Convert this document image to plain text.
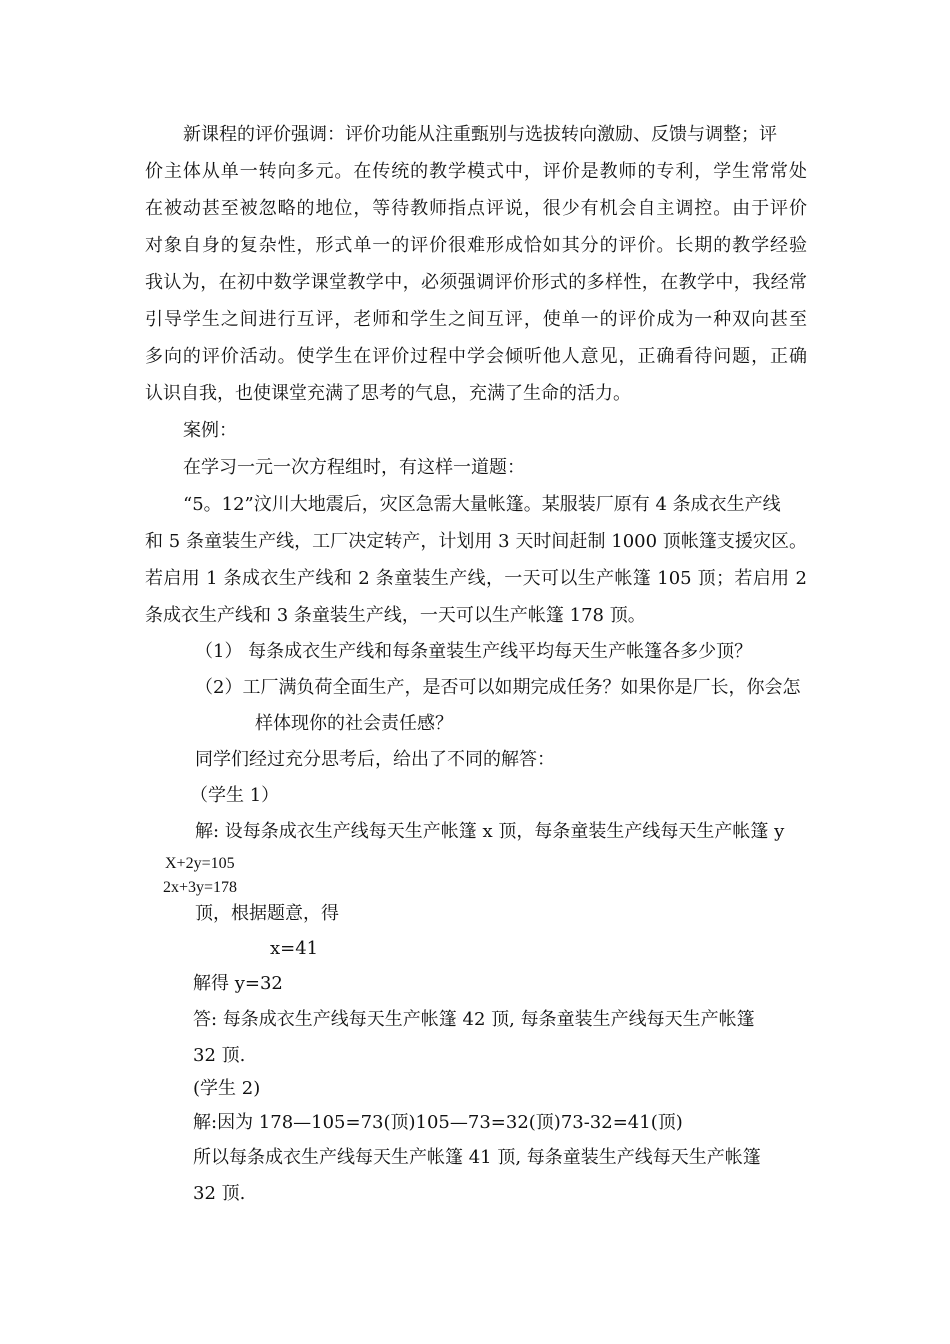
新课程的评价强调：评价功能从注重甄别与选拔转向激励、反馈与调整；评
价主体从单一转向多元。在传统的教学模式中，评价是教师的专利，学生常常处
在被动甚至被忽略的地位，等待教师指点评说，很少有机会自主调控。由于评价
对象自身的复杂性，形式单一的评价很难形成恰如其分的评价。长期的教学经验
我认为，在初中数学课堂教学中，必须强调评价形式的多样性，在教学中，我经常
引导学生之间进行互评，老师和学生之间互评，使单一的评价成为一种双向甚至
多向的评价活动。使学生在评价过程中学会倾听他人意见，正确看待问题，正确
认识自我，也使课堂充满了思考的气息，充满了生命的活力。
案例：
在学习一元一次方程组时，有这样一道题：
“5。12”汶川大地震后，灾区急需大量帐篷。某服装厂原有 4 条成衣生产线
和 5 条童装生产线，工厂决定转产，计划用 3 天时间赶制 1000 顶帐篷支援灾区。
若启用 1 条成衣生产线和 2 条童装生产线，一天可以生产帐篷 105 顶；若启用 2
条成衣生产线和 3 条童装生产线，一天可以生产帐篷 178 顶。
（1） 每条成衣生产线和每条童装生产线平均每天生产帐篷各多少顶？
（2）工厂满负荷全面生产，是否可以如期完成任务？如果你是厂长，你会怎
样体现你的社会责任感？
同学们经过充分思考后，给出了不同的解答：
（学生 1）
解: 设每条成衣生产线每天生产帐篷 x 顶，每条童装生产线每天生产帐篷 y
X+2y=105
2x+3y=178
顶，根据题意，得
x=41
解得 y=32
答: 每条成衣生产线每天生产帐篷 42 顶, 每条童装生产线每天生产帐篷
32 顶.
(学生 2)
解:因为 178—105=73(顶)105—73=32(顶)73-32=41(顶)
所以每条成衣生产线每天生产帐篷 41 顶, 每条童装生产线每天生产帐篷
32 顶.
